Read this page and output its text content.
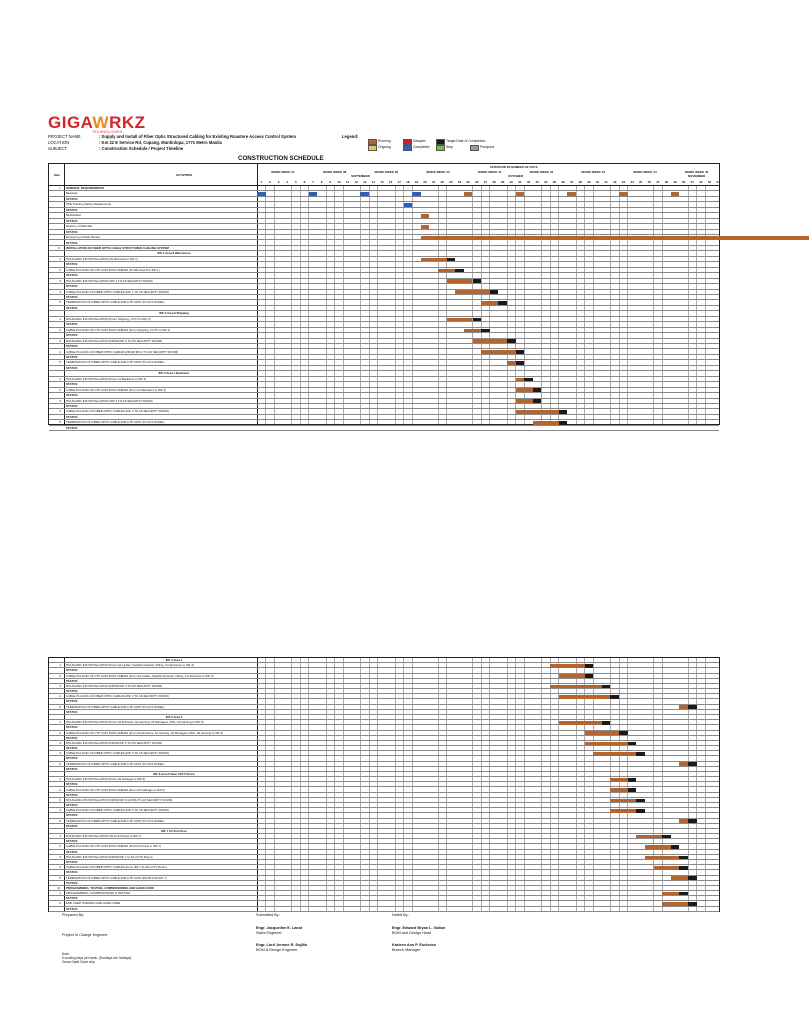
GIGAWRKZ
TECHNOLOGIES
PROJECT NAME	: Supply and Install of Fiber Optic Structured Cabling for Existing Roastore Access Control System
LOCATION	: Km 22 E Service Rd, Cupang, Muntinlupa, 1771 Metro Manila
SUBJECT	: Construction Schedule / Project Timeline
Legend:
Running	Delayed	Target Date of Completion
Ongoing	Completed	Stop	Postpone
CONSTRUCTION SCHEDULE
Item	ACTIVITIES
DURATION IN NUMBER OF DAYS
WORK WEEK 37	WORK WEEK 38	WORK WEEK 39	WORK WEEK 40	WORK WEEK 41	WORK WEEK 42	WORK WEEK 43	WORK WEEK 44	WORK WEEK 45
SEPTEMBER	OCTOBER	NOVEMBER
1	2	3	4	5	6	7	8	9	10	11	12	13	14	15	16	17	18	19	20	21	22	23	24	25	26	27	28	29	30	31	32	33	34	35	36	37	38	39	40	41	42	43	44	45	46	47	48	49	50	51	52	53	54
I.	GENERAL REQUIREMENTS
Meetings
STATUS:
PPE Training (Safety Requirement)
STATUS:
Mobilization
STATUS:
Delivery of Materials
STATUS:
Monitoring of Daily Review
STATUS:
II.	INSTALLATION OF FIBER OPTIC CABLE STRUCTURED CABLING SYSTEM
IDF 1 Area 8 Warehouse
1	ROUGHING INS INSTALLATION (IN WH back to IDF 1)
STATUS:
2	CABLE PULLING OF UTP CAT6 DATA CABLES (IN WH Area 8 to IDF 1)
STATUS:
3	ROUGHING INS INSTALLATION (IDF 1 TO AS SECURITY ROOM)
STATUS:
4	CABLE PULLING OF FIBER OPTIC CABLES (IDF 1 TO AS SECURITY ROOM)
STATUS:
5	TERMINATION OF FIBER OPTIC CABLE AND UTP CAT6 (TO ACS PANEL)
STATUS:
IDF 2 Area 6 Shipping
1	ROUGHING INS INSTALLATION (From Shipping, CCTV to IDF 2)
STATUS:
2	CABLE PULLING OF UTP CAT6 DATA CABLES (From Shipping, CCTV to IDF 2)
STATUS:
3	ROUGHING INS INSTALLATION (FROM IDF 2 TO AS SECURITY ROOM)
STATUS:
4	CABLE PULLING OF FIBER OPTIC CABLES (FROM IDF 2 TO AS SECURITY ROOM)
STATUS:
5	TERMINATION OF FIBER OPTIC CABLE AND UTP CAT6 (TO ACS PANEL)
STATUS:
IDF 3 Area 1 Backdoor
1	ROUGHING INS INSTALLATION (From A1 Backdoor to IDF 3)
STATUS:
2	CABLE PULLING OF UTP CAT6 DATA CABLES (From A1 Backdoor to IDF 3)
STATUS:
3	ROUGHING INS INSTALLATION (IDF 3 TO AS SECURITY ROOM)
STATUS:
4	CABLE PULLING OF FIBER OPTIC CABLES (IDF 3 TO AS SECURITY ROOM)
STATUS:
5	TERMINATION OF FIBER OPTIC CABLE AND UTP CAT6 (TO ACS PANEL)
STATUS:
IDF 4 Area 4
1	ROUGHING INS INSTALLATION (From A4 Ladder, Satellite Network, Killing, Cut Entrance to IDF 4)
STATUS:
2	CABLE PULLING OF UTP CAT6 DATA CABLES (From A4 Ladder, Satellite Network, Killing, Cut Entrance to IDF 4)
STATUS:
3	ROUGHING INS INSTALLATION (FROM IDF 4 TO AS SECURITY ROOM)
STATUS:
4	CABLE PULLING OF FIBER OPTIC CABLES (IDF 4 TO AS SECURITY ROOM)
STATUS:
5	TERMINATION OF FIBER OPTIC CABLE AND UTP CAT6 (TO ACS PANEL)
STATUS:
IDF 5 Area 5
1	ROUGHING INS INSTALLATION (From A5 Entrance, A4 Gaming, A5 Managers, ROL, A6 Gaming to IDF 5)
STATUS:
2	CABLE PULLING OF UTP CAT6 DATA CABLES (From A5 Entrance, A4 Gaming, A5 Managers, ROL, A6 Gaming to IDF 5)
STATUS:
3	ROUGHING INS INSTALLATION (FROM IDF 5 TO AS SECURITY ROOM)
STATUS:
4	CABLE PULLING OF FIBER OPTIC CABLES (IDF 5 TO AS SECURITY ROOM)
STATUS:
5	TERMINATION OF FIBER OPTIC CABLE AND UTP CAT6 (TO ACS PANEL)
STATUS:
IDF 6 Area 6 Near CCTV Room
1	ROUGHING INS INSTALLATION (From A5 Garbage to IDF 6)
STATUS:
2	CABLE PULLING OF UTP CAT6 DATA CABLES (From A5 Garbage to IDF 6)
STATUS:
3	ROUGHING INS INSTALLATION (FROM IDF 6 GOING TO AS SECURITY ROOM)
STATUS:
4	CABLE PULLING OF FIBER OPTIC CABLES (IDF 6 TO AS SECURITY ROOM)
STATUS:
5	TERMINATION OF FIBER OPTIC CABLE AND UTP CAT6 (TO ACS PANEL)
STATUS:
IDF 7 A5 2nd Floor
1	ROUGHING INS INSTALLATION (IN ACS Panels to IDF 7)
STATUS:
2	CABLE PULLING OF UTP CAT6 DATA CABLES (IN ACS Panels to IDF 7)
STATUS:
3	ROUGHING INS INSTALLATION (FROM IDF 7 to AS CCTV Room)
STATUS:
4	CABLE PULLING OF FIBER OPTIC CABLES (From IDF 7 to AS CCTV Room)
STATUS:
5	TERMINATION OF FIBER OPTIC CABLE AND UTP CAT6 (FROM ACS IDF 7)
STATUS:
III.	PROGRAMMING, TESTING, COMMISSIONING AND HAND-OVER
1	PROGRAMMING, COMMISSIONING & TESTING
STATUS:
2	END USER TRAINING AND HAND-OVER
STATUS:
Prepared By:
Project In Charge Engineer
Submitted By:
Engr. Jacqueline E. Lanot
Sales Engineer
Engr. Lord Jerome R. Dojillo
BOM & Design Engineer
Noted By:
Engr. Edward Bryan L. Gallon
BOM and Design Head
Karleen Ann P. Escleseo
Branch Manager
Note:
6 working days per week. (Sundays are holidays)
Gross Gantt Chart only.
